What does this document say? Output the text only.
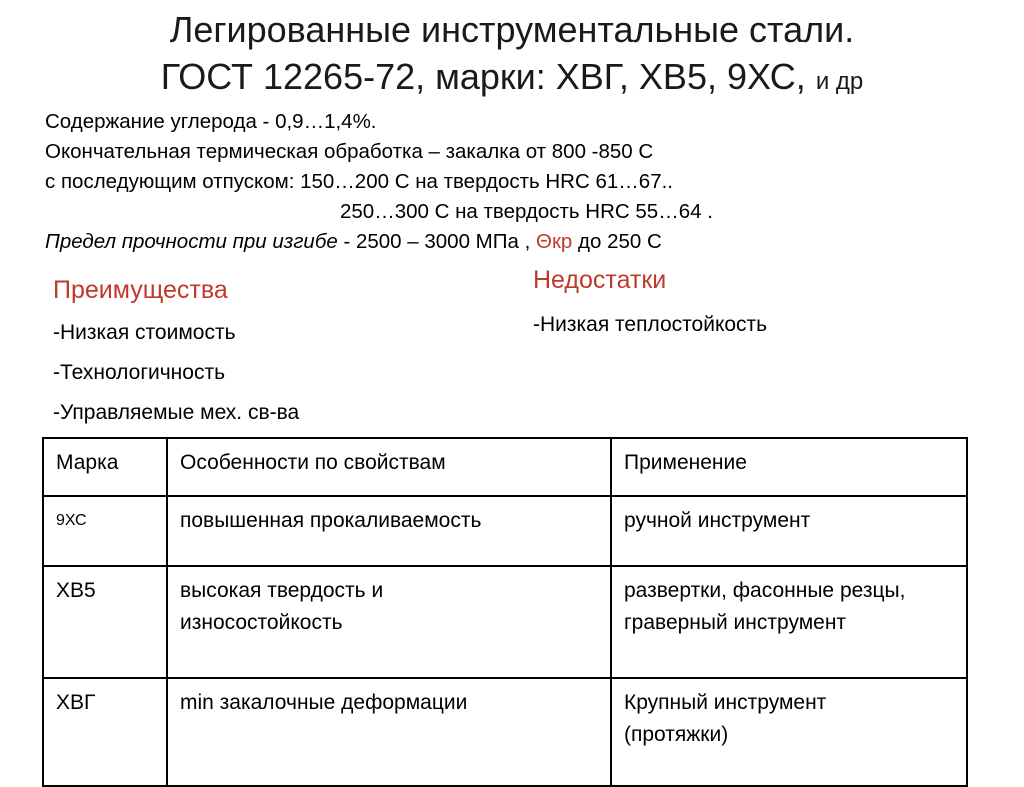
Легированные инструментальные стали.
ГОСТ 12265-72, марки: ХВГ, ХВ5, 9ХС, и др
Содержание углерода - 0,9…1,4%.
Окончательная термическая обработка – закалка от 800 -850 С
с последующим отпуском: 150…200 С на твердость HRC 61…67..
250…300 С на твердость HRC 55…64 .
Предел прочности при изгибе - 2500 – 3000 МПа , Θкр до 250 С
Преимущества
-Низкая стоимость
-Технологичность
-Управляемые мех. св-ва
Недостатки
-Низкая теплостойкость
Марка	Особенности по свойствам	Применение
9ХС	повышенная прокаливаемость	ручной инструмент
ХВ5	высокая твердость и износостойкость	развертки, фасонные резцы, граверный инструмент
ХВГ	min закалочные деформации	Крупный инструмент (протяжки)
